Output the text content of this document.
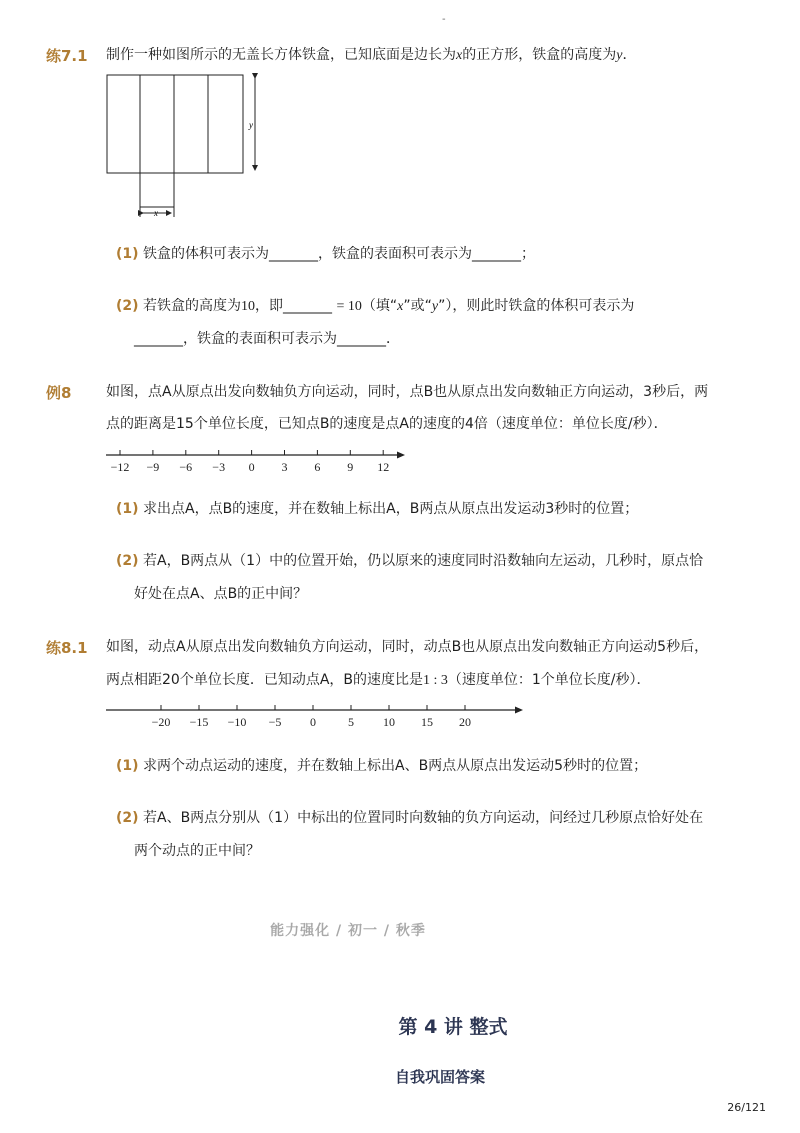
-
练7.1 制作一种如图所示的无盖长方体铁盒，已知底面是边长为x的正方形，铁盒的高度为y．
y
x
(1) 铁盒的体积可表示为_______，铁盒的表面积可表示为_______；
(2) 若铁盒的高度为10，即_______ = 10（填“x”或“y”），则此时铁盒的体积可表示为
_______，铁盒的表面积可表示为_______．
例8 如图，点A从原点出发向数轴负方向运动，同时，点B也从原点出发向数轴正方向运动，3秒后，两
点的距离是15个单位长度，已知点B的速度是点A的速度的4倍（速度单位：单位长度/秒）．
−12 −9 −6 −3 0 3 6 9 12
(1) 求出点A，点B的速度，并在数轴上标出A，B两点从原点出发运动3秒时的位置；
(2) 若A，B两点从（1）中的位置开始，仍以原来的速度同时沿数轴向左运动，几秒时，原点恰
好处在点A、点B的正中间？
练8.1 如图，动点A从原点出发向数轴负方向运动，同时，动点B也从原点出发向数轴正方向运动5秒后，
两点相距20个单位长度．已知动点A，B的速度比是1 : 3（速度单位：1个单位长度/秒）．
−20 −15 −10 −5 0	5 10 15 20
(1) 求两个动点运动的速度，并在数轴上标出A、B两点从原点出发运动5秒时的位置；
(2) 若A、B两点分别从（1）中标出的位置同时向数轴的负方向运动，问经过几秒原点恰好处在
两个动点的正中间？
能力强化 / 初一 / 秋季
第 4 讲 整式
自我巩固答案
26/121
